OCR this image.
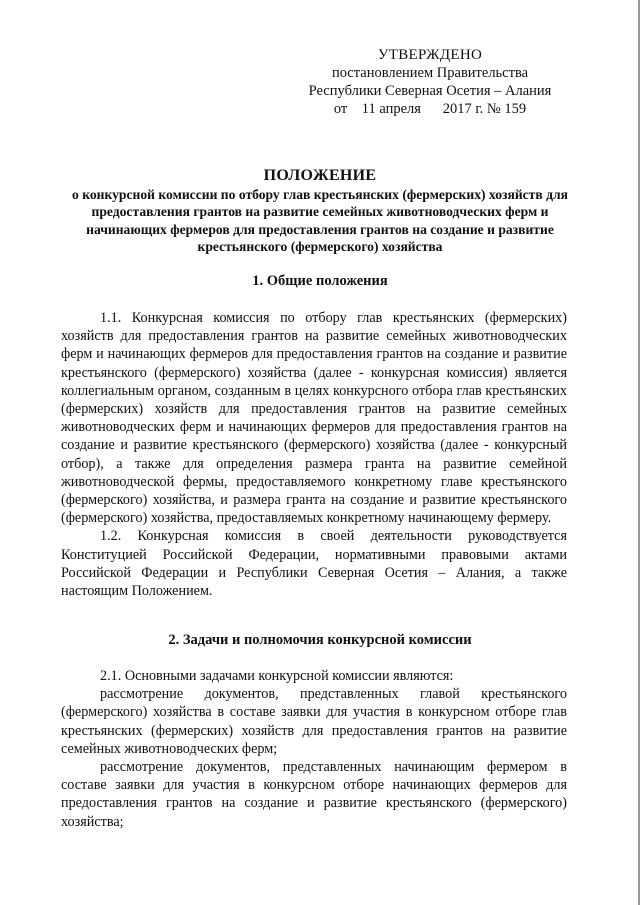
УТВЕРЖДЕНО
постановлением Правительства
Республики Северная Осетия – Алания
от    11 апреля      2017 г. № 159
ПОЛОЖЕНИЕ
о конкурсной комиссии по отбору глав крестьянских (фермерских) хозяйств для предоставления грантов на развитие семейных животноводческих ферм и начинающих фермеров для предоставления грантов на создание и развитие крестьянского (фермерского) хозяйства
1. Общие положения

1.1. Конкурсная комиссия по отбору глав крестьянских (фермерских) хозяйств для предоставления грантов на развитие семейных животноводческих ферм и начинающих фермеров для предоставления грантов на создание и развитие крестьянского (фермерского) хозяйства (далее - конкурсная комиссия) является коллегиальным органом, созданным в целях конкурсного отбора глав крестьянских (фермерских) хозяйств для предоставления грантов на развитие семейных животноводческих ферм и начинающих фермеров для предоставления грантов на создание и развитие крестьянского (фермерского) хозяйства (далее - конкурсный отбор), а также для определения размера гранта на развитие семейной животноводческой фермы, предоставляемого конкретному главе крестьянского (фермерского) хозяйства, и размера гранта на создание и развитие крестьянского (фермерского) хозяйства, предоставляемых конкретному начинающему фермеру.

1.2. Конкурсная комиссия в своей деятельности руководствуется Конституцией Российской Федерации, нормативными правовыми актами Российской Федерации и Республики Северная Осетия – Алания, а также настоящим Положением.

2. Задачи и полномочия конкурсной комиссии

2.1. Основными задачами конкурсной комиссии являются:

рассмотрение документов, представленных главой крестьянского (фермерского) хозяйства в составе заявки для участия в конкурсном отборе глав крестьянских (фермерских) хозяйств для предоставления грантов на развитие семейных животноводческих ферм;

рассмотрение документов, представленных начинающим фермером в составе заявки для участия в конкурсном отборе начинающих фермеров для предоставления грантов на создание и развитие крестьянского (фермерского) хозяйства;
